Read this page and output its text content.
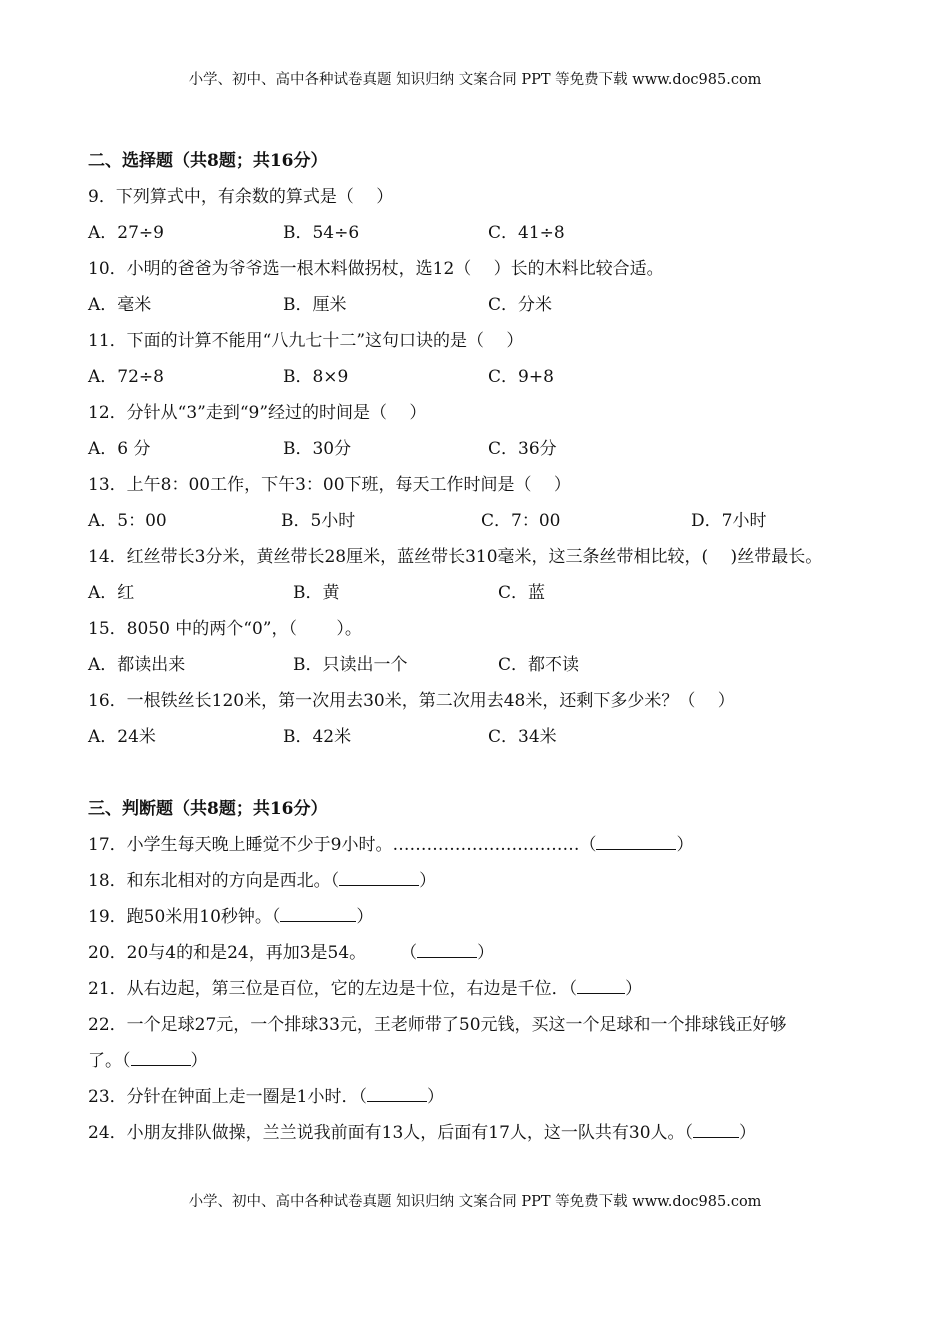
小学、初中、高中各种试卷真题 知识归纳 文案合同 PPT 等免费下载 www.doc985.com
二、选择题（共8题；共16分）
9．下列算式中，有余数的算式是（　 ）
A．27÷9	B．54÷6	C．41÷8
10．小明的爸爸为爷爷选一根木料做拐杖，选12（　 ）长的木料比较合适。
A．毫米	B．厘米	C．分米
11．下面的计算不能用“八九七十二”这句口诀的是（　 ）
A．72÷8	B．8×9	C．9+8
12．分针从“3”走到“9”经过的时间是（　 ）
A．6 分	B．30分	C．36分
13．上午8：00工作，下午3：00下班，每天工作时间是（　 ）
A．5：00	B．5小时	C．7：00	D．7小时
14．红丝带长3分米，黄丝带长28厘米，蓝丝带长310毫米，这三条丝带相比较，(　 )丝带最长。
A．红	B．黄	C．蓝
15．8050 中的两个“0”，（　　 ）。
A．都读出来	B．只读出一个	C．都不读
16．一根铁丝长120米，第一次用去30米，第二次用去48米，还剩下多少米？（　 ）
A．24米	B．42米	C．34米
三、判断题（共8题；共16分）
17．小学生每天晚上睡觉不少于9小时。……………………………（	）
18．和东北相对的方向是西北。（	）
19．跑50米用10秒钟。（	）
20．20与4的和是24，再加3是54。　　　（	）
21．从右边起，第三位是百位，它的左边是十位，右边是千位．（	）
22．一个足球27元，一个排球33元，王老师带了50元钱，买这一个足球和一个排球钱正好够
了。（	）
23．分针在钟面上走一圈是1小时．（	）
24．小朋友排队做操，兰兰说我前面有13人，后面有17人，这一队共有30人。（	）
小学、初中、高中各种试卷真题 知识归纳 文案合同 PPT 等免费下载 www.doc985.com
